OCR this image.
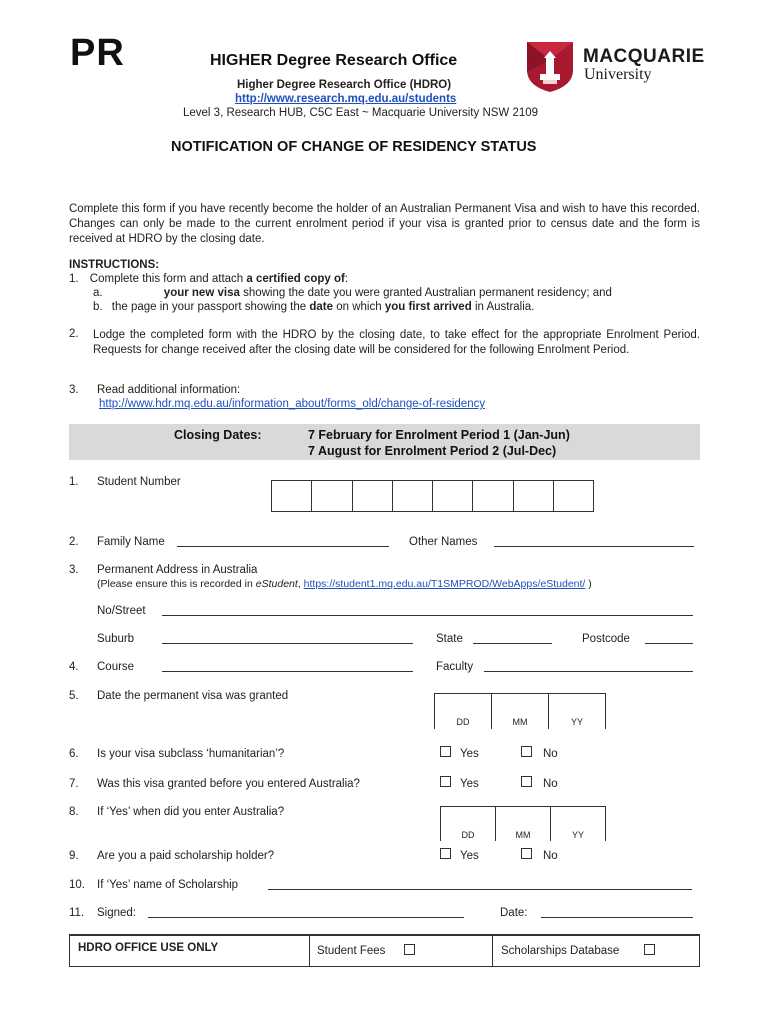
PR	HIGHER Degree Research Office
Higher Degree Research Office (HDRO)
http://www.research.mq.edu.au/students
Level 3, Research HUB, C5C East ~ Macquarie University NSW 2109
MACQUARIE
University
NOTIFICATION OF CHANGE OF RESIDENCY STATUS
Complete this form if you have recently become the holder of an Australian Permanent Visa and wish to have this recorded. Changes can only be made to the current enrolment period if your visa is granted prior to census date and the form is received at HDRO by the closing date.
INSTRUCTIONS:
1. Complete this form and attach a certified copy of:
a.	your new visa showing the date you were granted Australian permanent residency; and
b. the page in your passport showing the date on which you first arrived in Australia.
2. Lodge the completed form with the HDRO by the closing date, to take effect for the appropriate Enrolment Period. Requests for change received after the closing date will be considered for the following Enrolment Period.
3. Read additional information:
http://www.hdr.mq.edu.au/information_about/forms_old/change-of-residency
Closing Dates:	7 February for Enrolment Period 1 (Jan-Jun)
7 August for Enrolment Period 2 (Jul-Dec)
1. Student Number
2. Family Name	Other Names
3. Permanent Address in Australia
(Please ensure this is recorded in eStudent, https://student1.mq.edu.au/T1SMPROD/WebApps/eStudent/ )
No/Street
Suburb	State	Postcode
4. Course	Faculty
5. Date the permanent visa was granted
DD	MM	YY
6. Is your visa subclass ‘humanitarian’?	Yes	No
7. Was this visa granted before you entered Australia?	Yes	No
8. If ‘Yes’ when did you enter Australia?
DD	MM	YY
9. Are you a paid scholarship holder?	Yes	No
10. If ‘Yes’ name of Scholarship
11. Signed:	Date:
HDRO OFFICE USE ONLY	Student Fees	Scholarships Database
